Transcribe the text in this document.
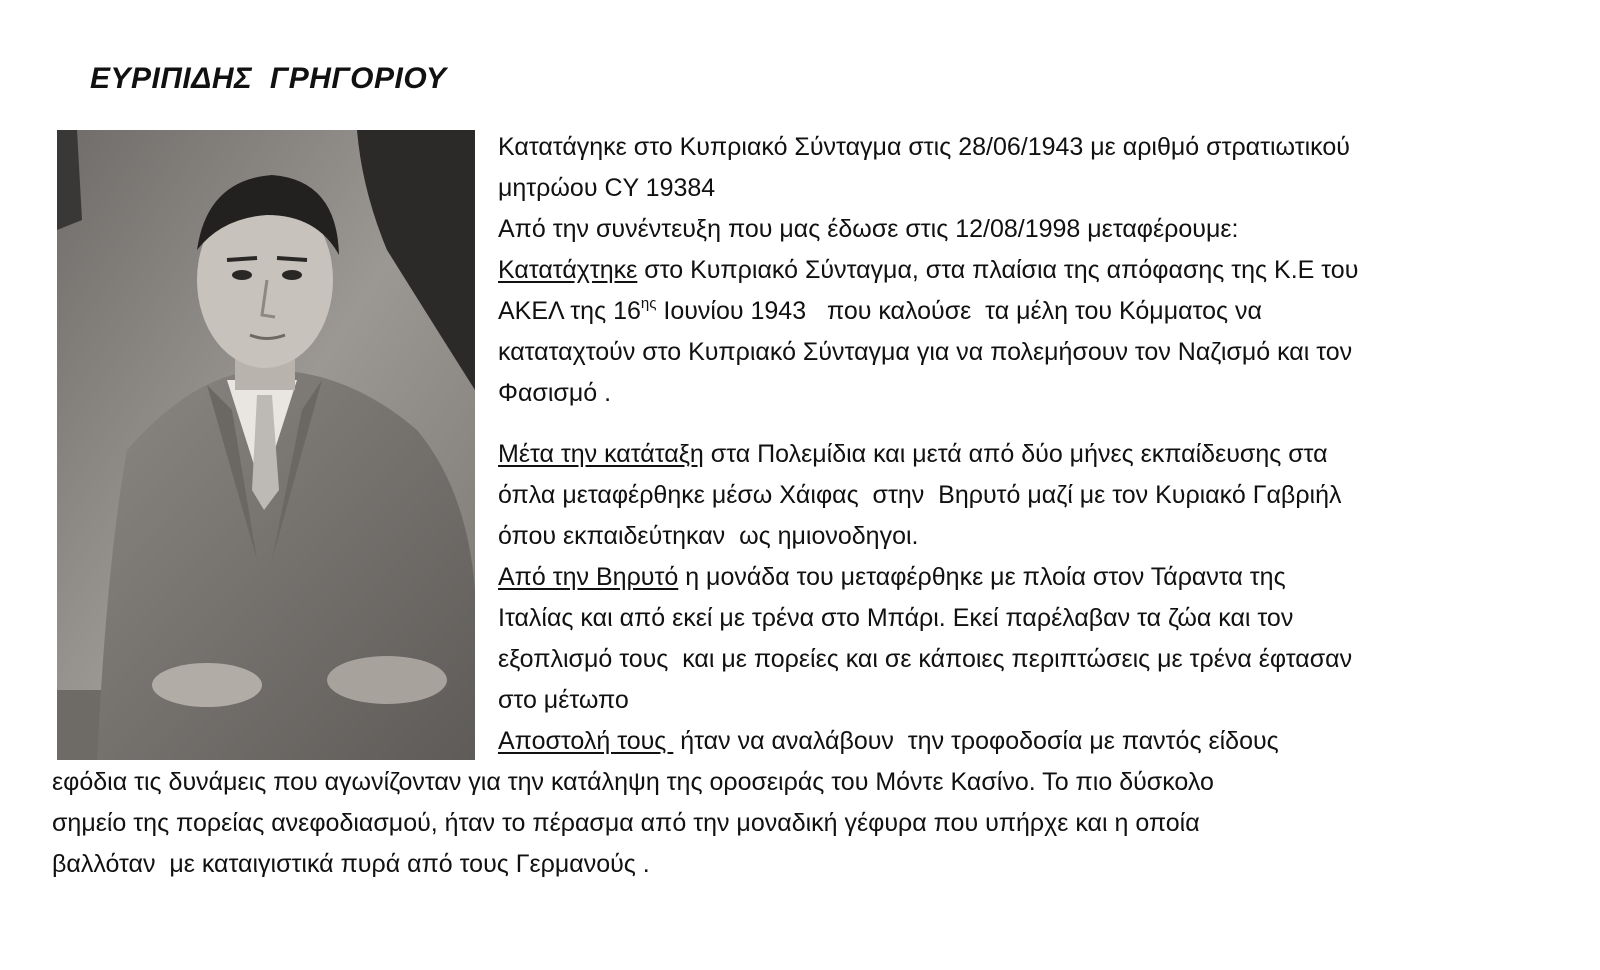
ΕΥΡΙΠΙΔΗΣ  ΓΡΗΓΟΡΙΟΥ
Κατατάγηκε στο Κυπριακό Σύνταγμα στις 28/06/1943 με αριθμό στρατιωτικού
μητρώου CY 19384
Από την συνέντευξη που μας έδωσε στις 12/08/1998 μεταφέρουμε:
Κατατάχτηκε στο Κυπριακό Σύνταγμα, στα πλαίσια της απόφασης της Κ.Ε του
ΑΚΕΛ της $16^{\eta\varsigma}$ Ιουνίου 1943   που καλούσε  τα μέλη του Κόμματος να
καταταχτούν στο Κυπριακό Σύνταγμα για να πολεμήσουν τον Ναζισμό και τον
Φασισμό .
Μέτα την κατάταξη στα Πολεμίδια και μετά από δύο μήνες εκπαίδευσης στα
όπλα μεταφέρθηκε μέσω Χάιφας  στην  Βηρυτό μαζί με τον Κυριακό Γαβριήλ
όπου εκπαιδεύτηκαν  ως ημιονοδηγοι.
Από την Βηρυτό η μονάδα του μεταφέρθηκε με πλοία στον Τάραντα της
Ιταλίας και από εκεί με τρένα στο Μπάρι. Εκεί παρέλαβαν τα ζώα και τον
εξοπλισμό τους  και με πορείες και σε κάποιες περιπτώσεις με τρένα έφτασαν
στο μέτωπο
Αποστολή τους  ήταν να αναλάβουν  την τροφοδοσία με παντός είδους
εφόδια τις δυνάμεις που αγωνίζονταν για την κατάληψη της οροσειράς του Μόντε Κασίνο. Το πιο δύσκολο
σημείο της πορείας ανεφοδιασμού, ήταν το πέρασμα από την μοναδική γέφυρα που υπήρχε και η οποία
βαλλόταν  με καταιγιστικά πυρά από τους Γερμανούς .
